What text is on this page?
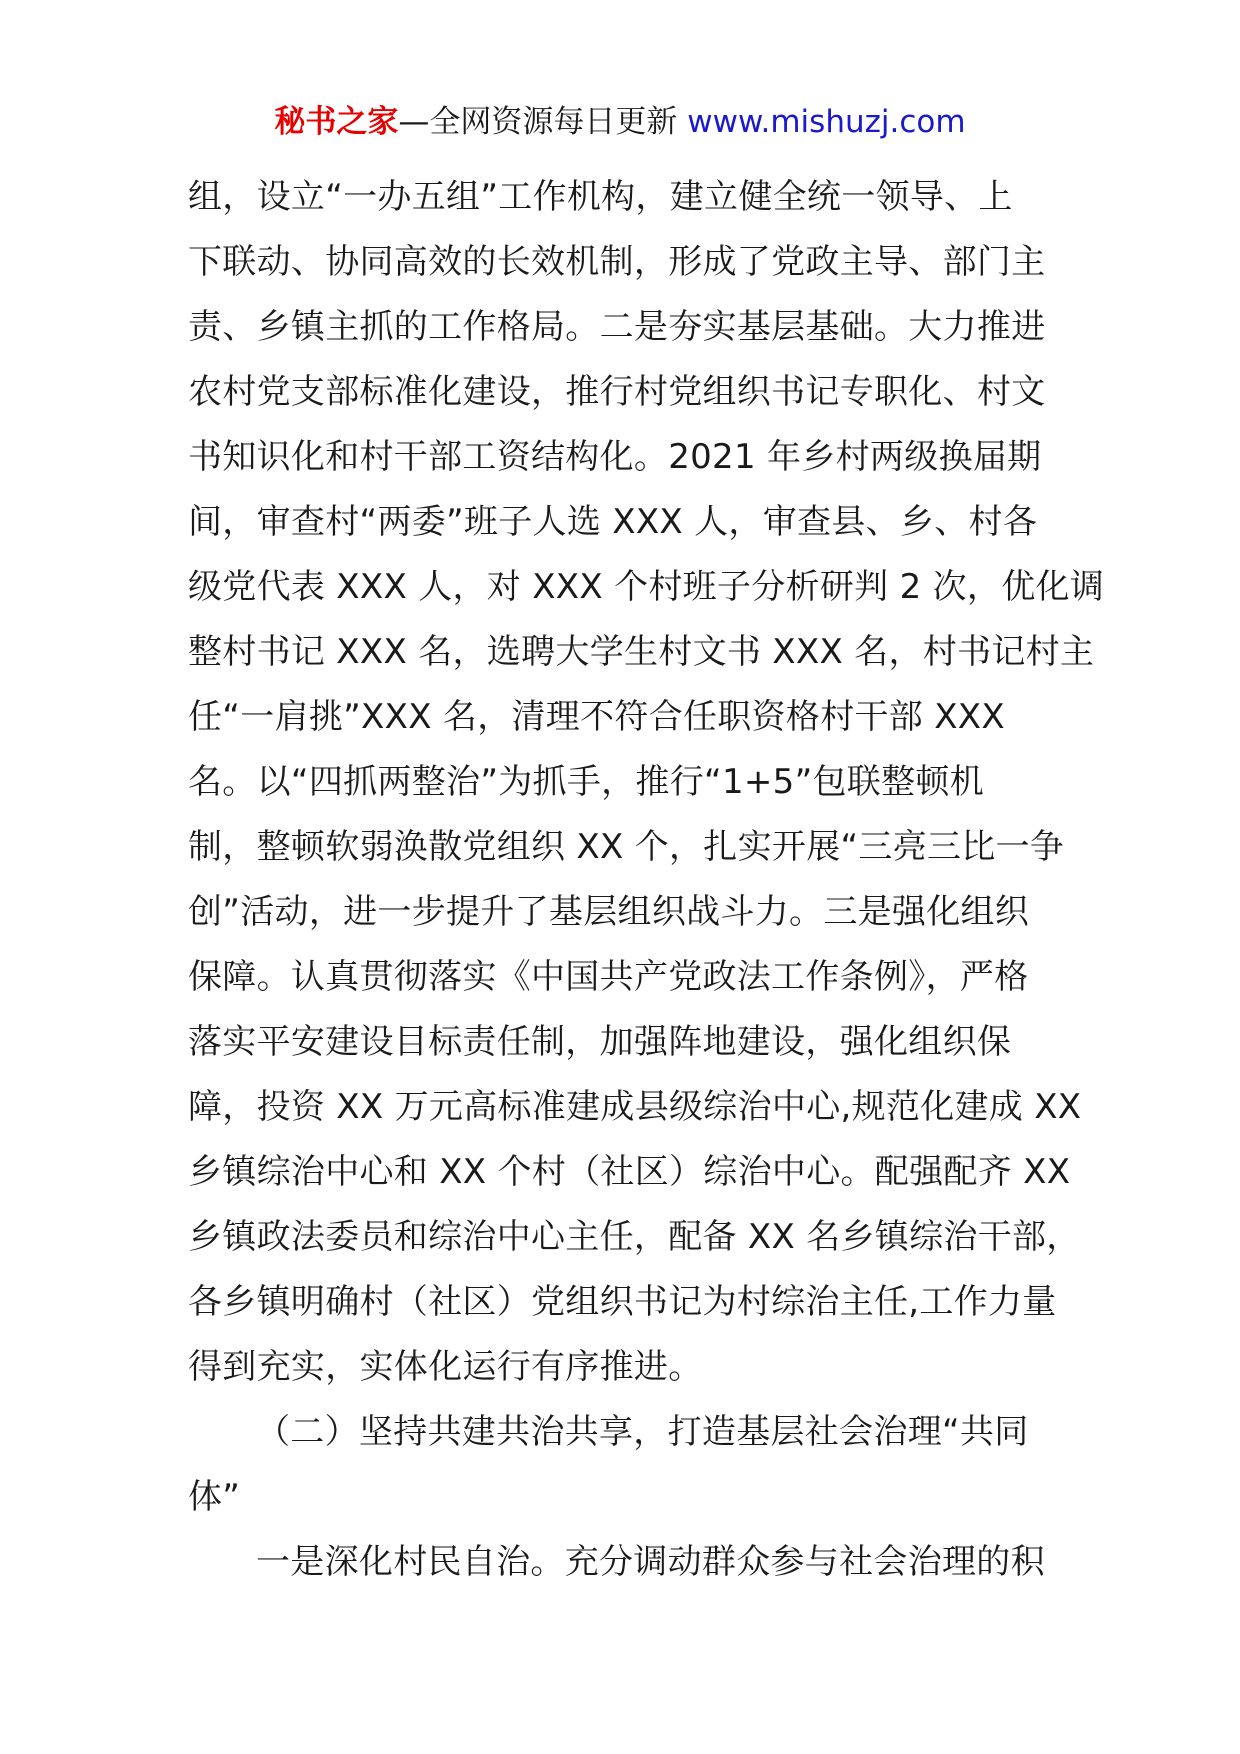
秘书之家—全网资源每日更新 www.mishuzj.com
组，设立“一办五组”工作机构，建立健全统一领导、上
下联动、协同高效的长效机制，形成了党政主导、部门主
责、乡镇主抓的工作格局。二是夯实基层基础。大力推进
农村党支部标准化建设，推行村党组织书记专职化、村文
书知识化和村干部工资结构化。2021 年乡村两级换届期
间，审查村“两委”班子人选 XXX 人，审查县、乡、村各
级党代表 XXX 人，对 XXX 个村班子分析研判 2 次，优化调
整村书记 XXX 名，选聘大学生村文书 XXX 名，村书记村主
任“一肩挑”XXX 名，清理不符合任职资格村干部 XXX
名。以“四抓两整治”为抓手，推行“1+5”包联整顿机
制，整顿软弱涣散党组织 XX 个，扎实开展“三亮三比一争
创”活动，进一步提升了基层组织战斗力。三是强化组织
保障。认真贯彻落实《中国共产党政法工作条例》，严格
落实平安建设目标责任制，加强阵地建设，强化组织保
障，投资 XX 万元高标准建成县级综治中心,规范化建成 XX
乡镇综治中心和 XX 个村（社区）综治中心。配强配齐 XX
乡镇政法委员和综治中心主任，配备 XX 名乡镇综治干部，
各乡镇明确村（社区）党组织书记为村综治主任,工作力量
得到充实，实体化运行有序推进。
（二）坚持共建共治共享，打造基层社会治理“共同
体”
一是深化村民自治。充分调动群众参与社会治理的积
